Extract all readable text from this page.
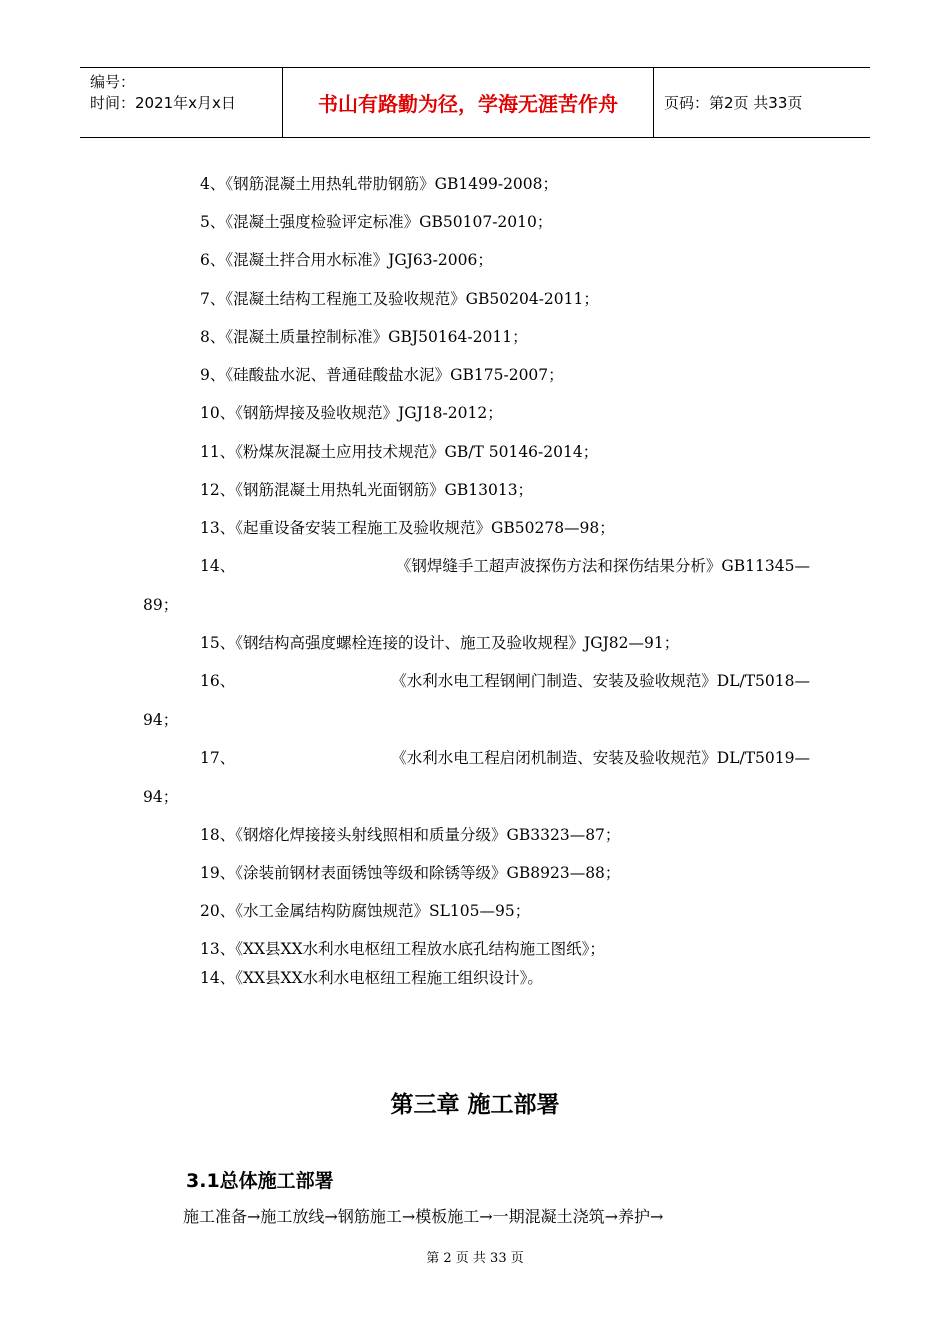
编号：
时间：2021年x月x日	书山有路勤为径，学海无涯苦作舟	页码：第2页 共33页
4、《钢筋混凝土用热轧带肋钢筋》GB1499-2008；
5、《混凝土强度检验评定标准》GB50107-2010；
6、《混凝土拌合用水标准》JGJ63-2006；
7、《混凝土结构工程施工及验收规范》GB50204-2011；
8、《混凝土质量控制标准》GBJ50164-2011；
9、《硅酸盐水泥、普通硅酸盐水泥》GB175-2007；
10、《钢筋焊接及验收规范》JGJ18-2012；
11、《粉煤灰混凝土应用技术规范》GB/T 50146-2014；
12、《钢筋混凝土用热轧光面钢筋》GB13013；
13、《起重设备安装工程施工及验收规范》GB50278—98；
14、	《钢焊缝手工超声波探伤方法和探伤结果分析》GB11345—
89；
15、《钢结构高强度螺栓连接的设计、施工及验收规程》JGJ82—91；
16、	《水利水电工程钢闸门制造、安装及验收规范》DL/T5018—
94；
17、	《水利水电工程启闭机制造、安装及验收规范》DL/T5019—
94；
18、《钢熔化焊接接头射线照相和质量分级》GB3323—87；
19、《涂装前钢材表面锈蚀等级和除锈等级》GB8923—88；
20、《水工金属结构防腐蚀规范》SL105—95；
13、《XX县XX水利水电枢纽工程放水底孔结构施工图纸》；
14、《XX县XX水利水电枢纽工程施工组织设计》。
第三章 施工部署
3.1总体施工部署
施工准备→施工放线→钢筋施工→模板施工→一期混凝土浇筑→养护→
第 2 页 共 33 页
